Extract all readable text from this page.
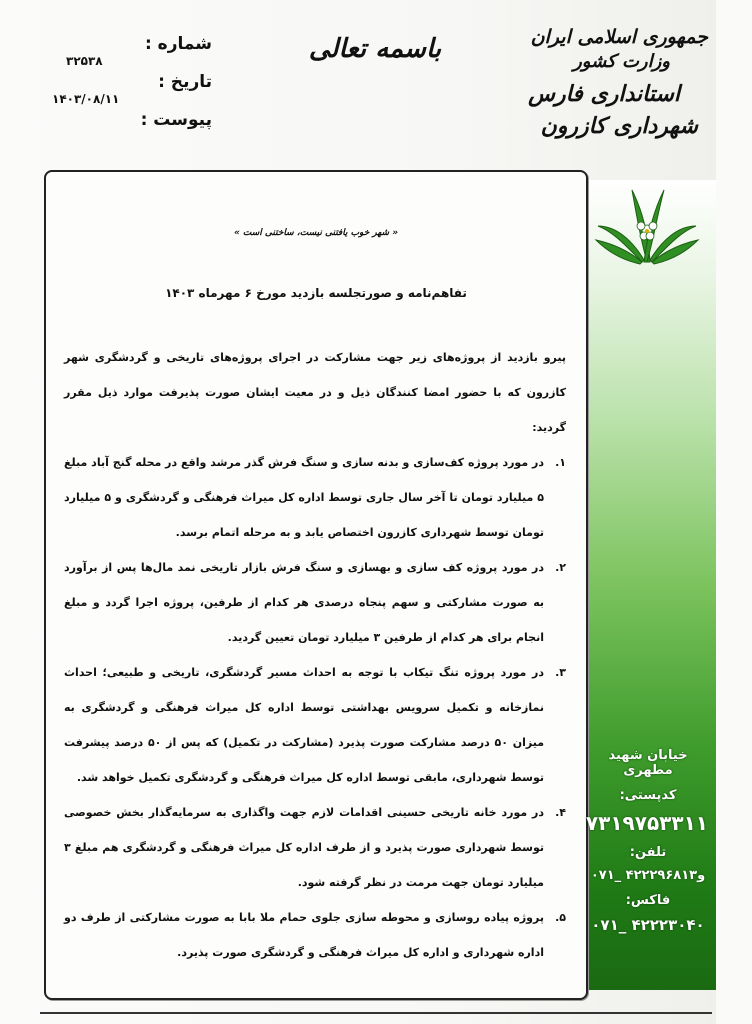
جمهوری اسلامی ایران
وزارت کشور
استانداری فارس
شهرداری کازرون
باسمه تعالی
شماره :
۳۲۵۳۸
تاریخ :
۱۴۰۳/۰۸/۱۱
پیوست :
« شهر خوب یافتنی نیست، ساختنی است »
تفاهم‌نامه و صورتجلسه بازدید مورخ ۶ مهرماه ۱۴۰۳

پیرو بازدید از پروژه‌های زیر جهت مشارکت در اجرای پروژه‌های تاریخی و گردشگری شهر کازرون که با حضور امضا کنندگان ذیل و در معیت ایشان صورت پذیرفت موارد ذیل مقرر گردید:

۱.
در مورد پروژه کف‌سازی و بدنه سازی و سنگ فرش گذر مرشد واقع در محله گنج آباد مبلغ ۵ میلیارد تومان تا آخر سال جاری توسط اداره کل میراث فرهنگی و گردشگری و ۵ میلیارد تومان توسط شهرداری کازرون اختصاص یابد و به مرحله اتمام برسد.
۲.
در مورد پروژه کف سازی و بهسازی و سنگ فرش بازار تاریخی نمد مال‌ها پس از برآورد به صورت مشارکتی و سهم پنجاه درصدی هر کدام از طرفین، پروژه اجرا گردد و مبلغ انجام برای هر کدام از طرفین ۳ میلیارد تومان تعیین گردید.
۳.
در مورد پروژه تنگ تیکاب با توجه به احداث مسیر گردشگری، تاریخی و طبیعی؛ احداث نمازخانه و تکمیل سرویس بهداشتی توسط اداره کل میراث فرهنگی و گردشگری به میزان ۵۰ درصد مشارکت صورت پذیرد (مشارکت در تکمیل) که پس از ۵۰ درصد پیشرفت توسط شهرداری، مابقی توسط اداره کل میراث فرهنگی و گردشگری تکمیل خواهد شد.
۴.
در مورد خانه تاریخی حسینی اقدامات لازم جهت واگذاری به سرمایه‌گذار بخش خصوصی توسط شهرداری صورت پذیرد و از طرف اداره کل میراث فرهنگی و گردشگری هم مبلغ ۳ میلیارد تومان جهت مرمت در نظر گرفته شود.
۵.
پروژه پیاده روسازی و محوطه سازی جلوی حمام ملا بابا به صورت مشارکتی از طرف دو اداره شهرداری و اداره کل میراث فرهنگی و گردشگری صورت پذیرد.
خیابان شهید مطهری
کدپستی:
۷۳۱۹۷۵۳۳۱۱
تلفن:
۰۷۱_ ۴۲۲۲۹۶۸۱و۳
فاکس:
۰۷۱_ ۴۲۲۲۳۰۴۰
